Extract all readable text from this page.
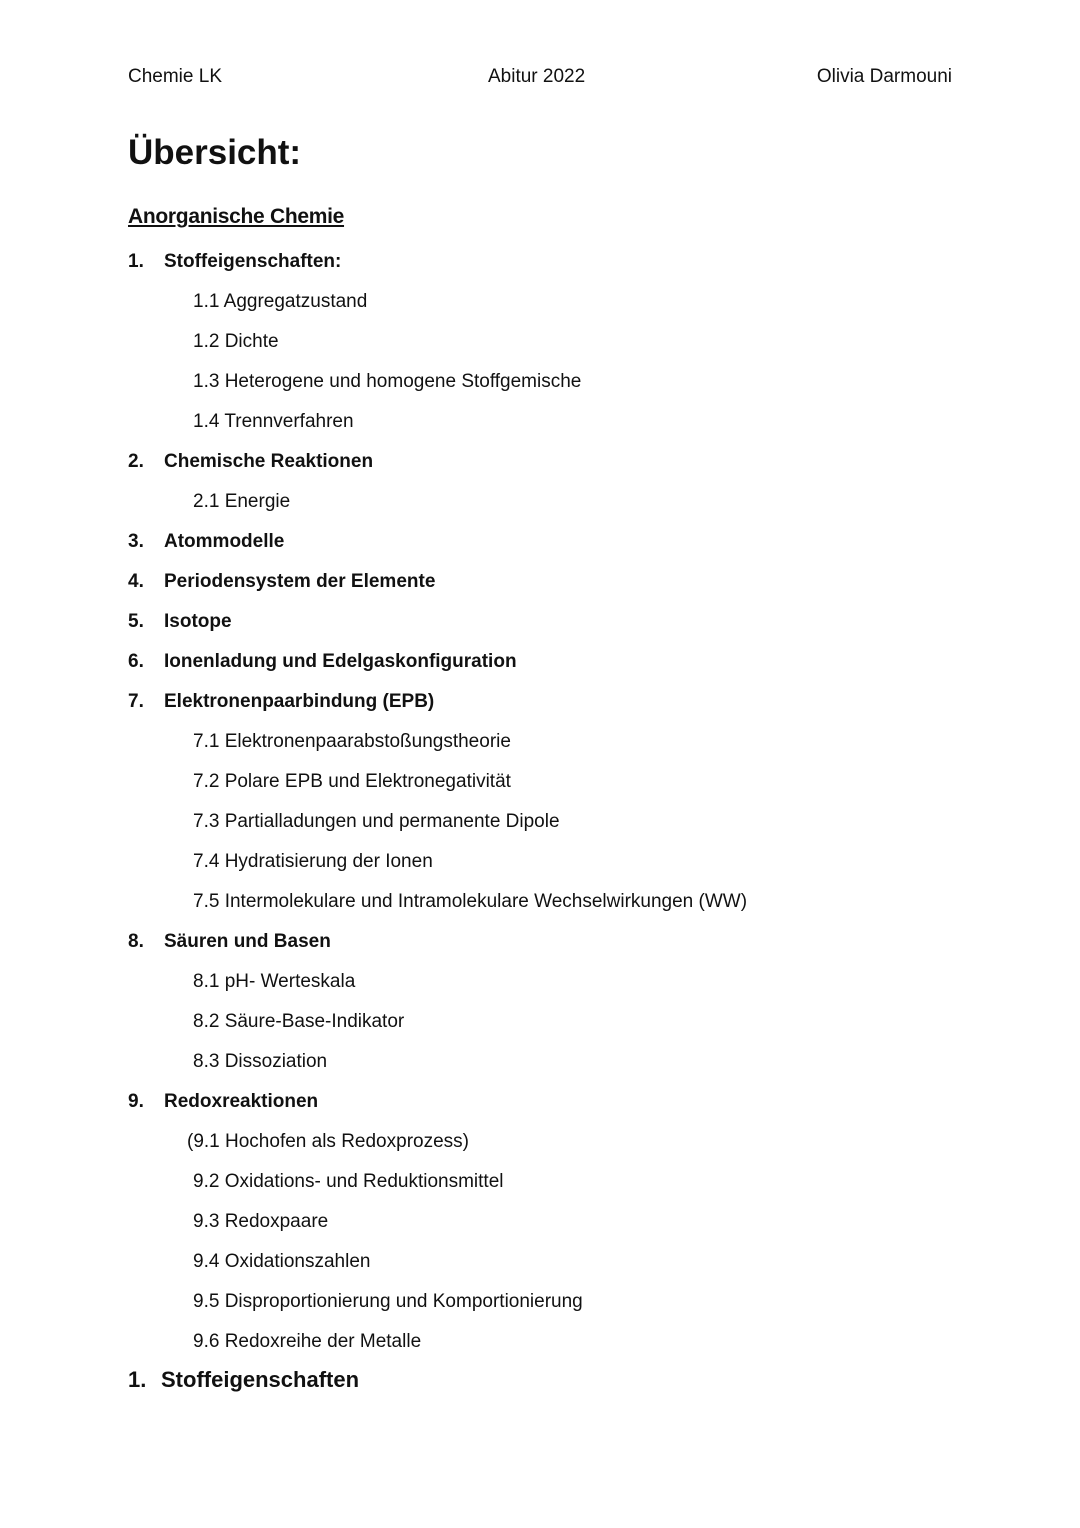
Chemie LK	Abitur 2022	Olivia Darmouni
Übersicht:
Anorganische Chemie
1.	Stoffeigenschaften:
1.1 Aggregatzustand
1.2 Dichte
1.3 Heterogene und homogene Stoffgemische
1.4 Trennverfahren
2.	Chemische Reaktionen
2.1 Energie
3.	Atommodelle
4.	Periodensystem der Elemente
5.	Isotope
6.	Ionenladung und Edelgaskonfiguration
7.	Elektronenpaarbindung (EPB)
7.1 Elektronenpaarabstoßungstheorie
7.2 Polare EPB und Elektronegativität
7.3 Partialladungen und permanente Dipole
7.4 Hydratisierung der Ionen
7.5 Intermolekulare und Intramolekulare Wechselwirkungen (WW)
8.	Säuren und Basen
8.1 pH- Werteskala
8.2 Säure-Base-Indikator
8.3 Dissoziation
9.	Redoxreaktionen
(9.1 Hochofen als Redoxprozess)
9.2 Oxidations- und Reduktionsmittel
9.3 Redoxpaare
9.4 Oxidationszahlen
9.5 Disproportionierung und Komportionierung
9.6 Redoxreihe der Metalle
1. Stoffeigenschaften
